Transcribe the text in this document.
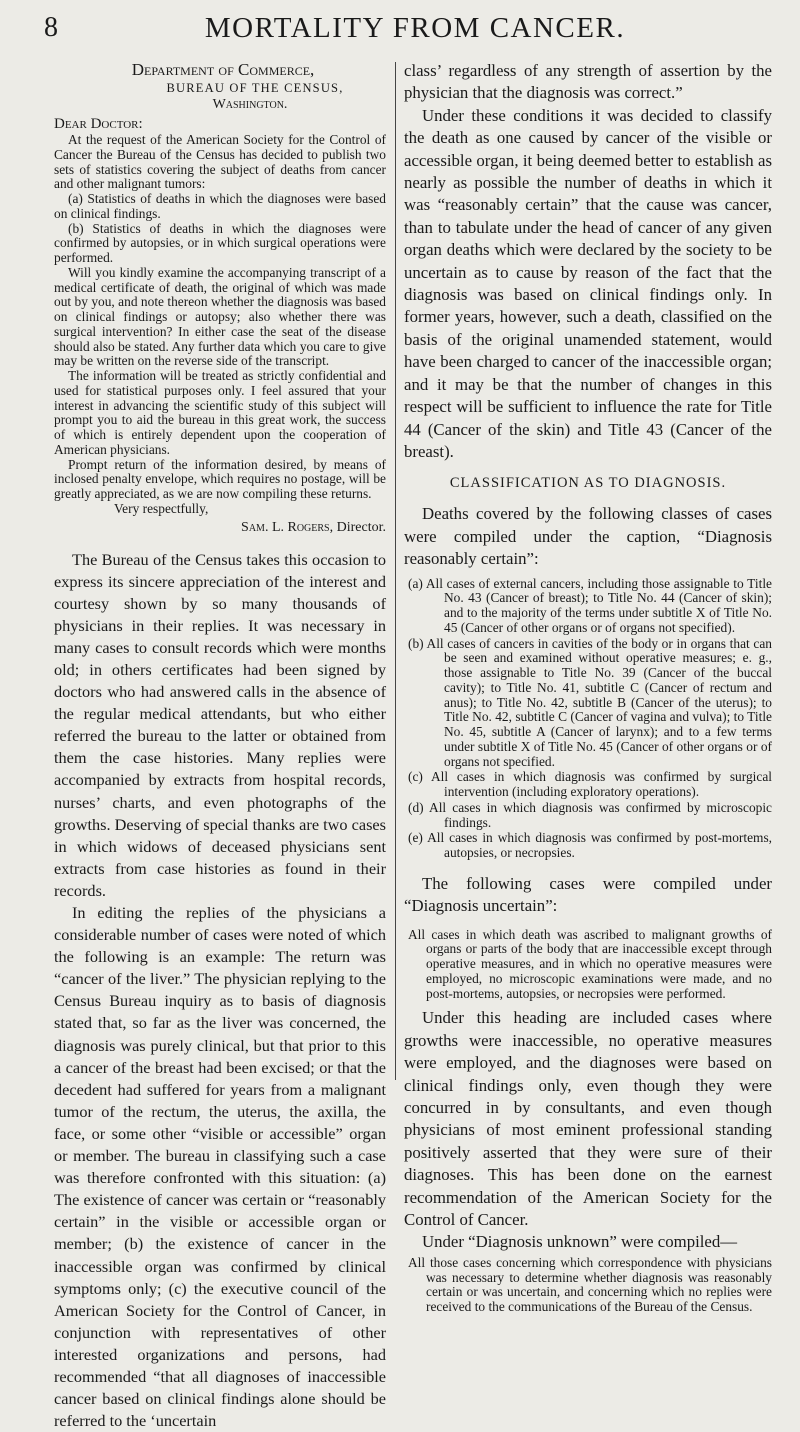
8	MORTALITY FROM CANCER.

Department of Commerce,

BUREAU OF THE CENSUS,

Washington.

Dear Doctor:

At the request of the American Society for the Control of Cancer the Bureau of the Census has decided to publish two sets of statistics covering the subject of deaths from cancer and other malignant tumors:

(a) Statistics of deaths in which the diagnoses were based on clinical findings.

(b) Statistics of deaths in which the diagnoses were confirmed by autopsies, or in which surgical operations were performed.

Will you kindly examine the accompanying transcript of a medical certificate of death, the original of which was made out by you, and note thereon whether the diagnosis was based on clinical findings or autopsy; also whether there was surgical intervention? In either case the seat of the disease should also be stated. Any further data which you care to give may be written on the reverse side of the transcript.

The information will be treated as strictly confidential and used for statistical purposes only. I feel assured that your interest in advancing the scientific study of this subject will prompt you to aid the bureau in this great work, the success of which is entirely dependent upon the cooperation of American physicians.

Prompt return of the information desired, by means of inclosed penalty envelope, which requires no postage, will be greatly appreciated, as we are now compiling these returns.

Very respectfully,

Sam. L. Rogers, Director.

The Bureau of the Census takes this occasion to express its sincere appreciation of the interest and courtesy shown by so many thousands of physicians in their replies. It was necessary in many cases to consult records which were months old; in others certificates had been signed by doctors who had answered calls in the absence of the regular medical attendants, but who either referred the bureau to the latter or obtained from them the case histories. Many replies were accompanied by extracts from hospital records, nurses’ charts, and even photographs of the growths. Deserving of special thanks are two cases in which widows of deceased physicians sent extracts from case histories as found in their records.

In editing the replies of the physicians a considerable number of cases were noted of which the following is an example: The return was “cancer of the liver.” The physician replying to the Census Bureau inquiry as to basis of diagnosis stated that, so far as the liver was concerned, the diagnosis was purely clinical, but that prior to this a cancer of the breast had been excised; or that the decedent had suffered for years from a malignant tumor of the rectum, the uterus, the axilla, the face, or some other “visible or accessible” organ or member. The bureau in classifying such a case was therefore confronted with this situation: (a) The existence of cancer was certain or “reasonably certain” in the visible or accessible organ or member; (b) the existence of cancer in the inaccessible organ was confirmed by clinical symptoms only; (c) the executive council of the American Society for the Control of Cancer, in conjunction with representatives of other interested organizations and persons, had recommended “that all diagnoses of inaccessible cancer based on clinical findings alone should be referred to the ‘uncertain

class’ regardless of any strength of assertion by the physician that the diagnosis was correct.”

Under these conditions it was decided to classify the death as one caused by cancer of the visible or accessible organ, it being deemed better to establish as nearly as possible the number of deaths in which it was “reasonably certain” that the cause was cancer, than to tabulate under the head of cancer of any given organ deaths which were declared by the society to be uncertain as to cause by reason of the fact that the diagnosis was based on clinical findings only. In former years, however, such a death, classified on the basis of the original unamended statement, would have been charged to cancer of the inaccessible organ; and it may be that the number of changes in this respect will be sufficient to influence the rate for Title 44 (Cancer of the skin) and Title 43 (Cancer of the breast).

CLASSIFICATION AS TO DIAGNOSIS.

Deaths covered by the following classes of cases were compiled under the caption, “Diagnosis reasonably certain”:

(a) All cases of external cancers, including those assignable to Title No. 43 (Cancer of breast); to Title No. 44 (Cancer of skin); and to the majority of the terms under subtitle X of Title No. 45 (Cancer of other organs or of organs not specified).

(b) All cases of cancers in cavities of the body or in organs that can be seen and examined without operative measures; e. g., those assignable to Title No. 39 (Cancer of the buccal cavity); to Title No. 41, subtitle C (Cancer of rectum and anus); to Title No. 42, subtitle B (Cancer of the uterus); to Title No. 42, subtitle C (Cancer of vagina and vulva); to Title No. 45, subtitle A (Cancer of larynx); and to a few terms under subtitle X of Title No. 45 (Cancer of other organs or of organs not specified.

(c) All cases in which diagnosis was confirmed by surgical intervention (including exploratory operations).

(d) All cases in which diagnosis was confirmed by microscopic findings.

(e) All cases in which diagnosis was confirmed by post-mortems, autopsies, or necropsies.

The following cases were compiled under “Diagnosis uncertain”:

All cases in which death was ascribed to malignant growths of organs or parts of the body that are inaccessible except through operative measures, and in which no operative measures were employed, no microscopic examinations were made, and no post-mortems, autopsies, or necropsies were performed.

Under this heading are included cases where growths were inaccessible, no operative measures were employed, and the diagnoses were based on clinical findings only, even though they were concurred in by consultants, and even though physicians of most eminent professional standing positively asserted that they were sure of their diagnoses. This has been done on the earnest recommendation of the American Society for the Control of Cancer.

Under “Diagnosis unknown” were compiled—

All those cases concerning which correspondence with physicians was necessary to determine whether diagnosis was reasonably certain or was uncertain, and concerning which no replies were received to the communications of the Bureau of the Census.
